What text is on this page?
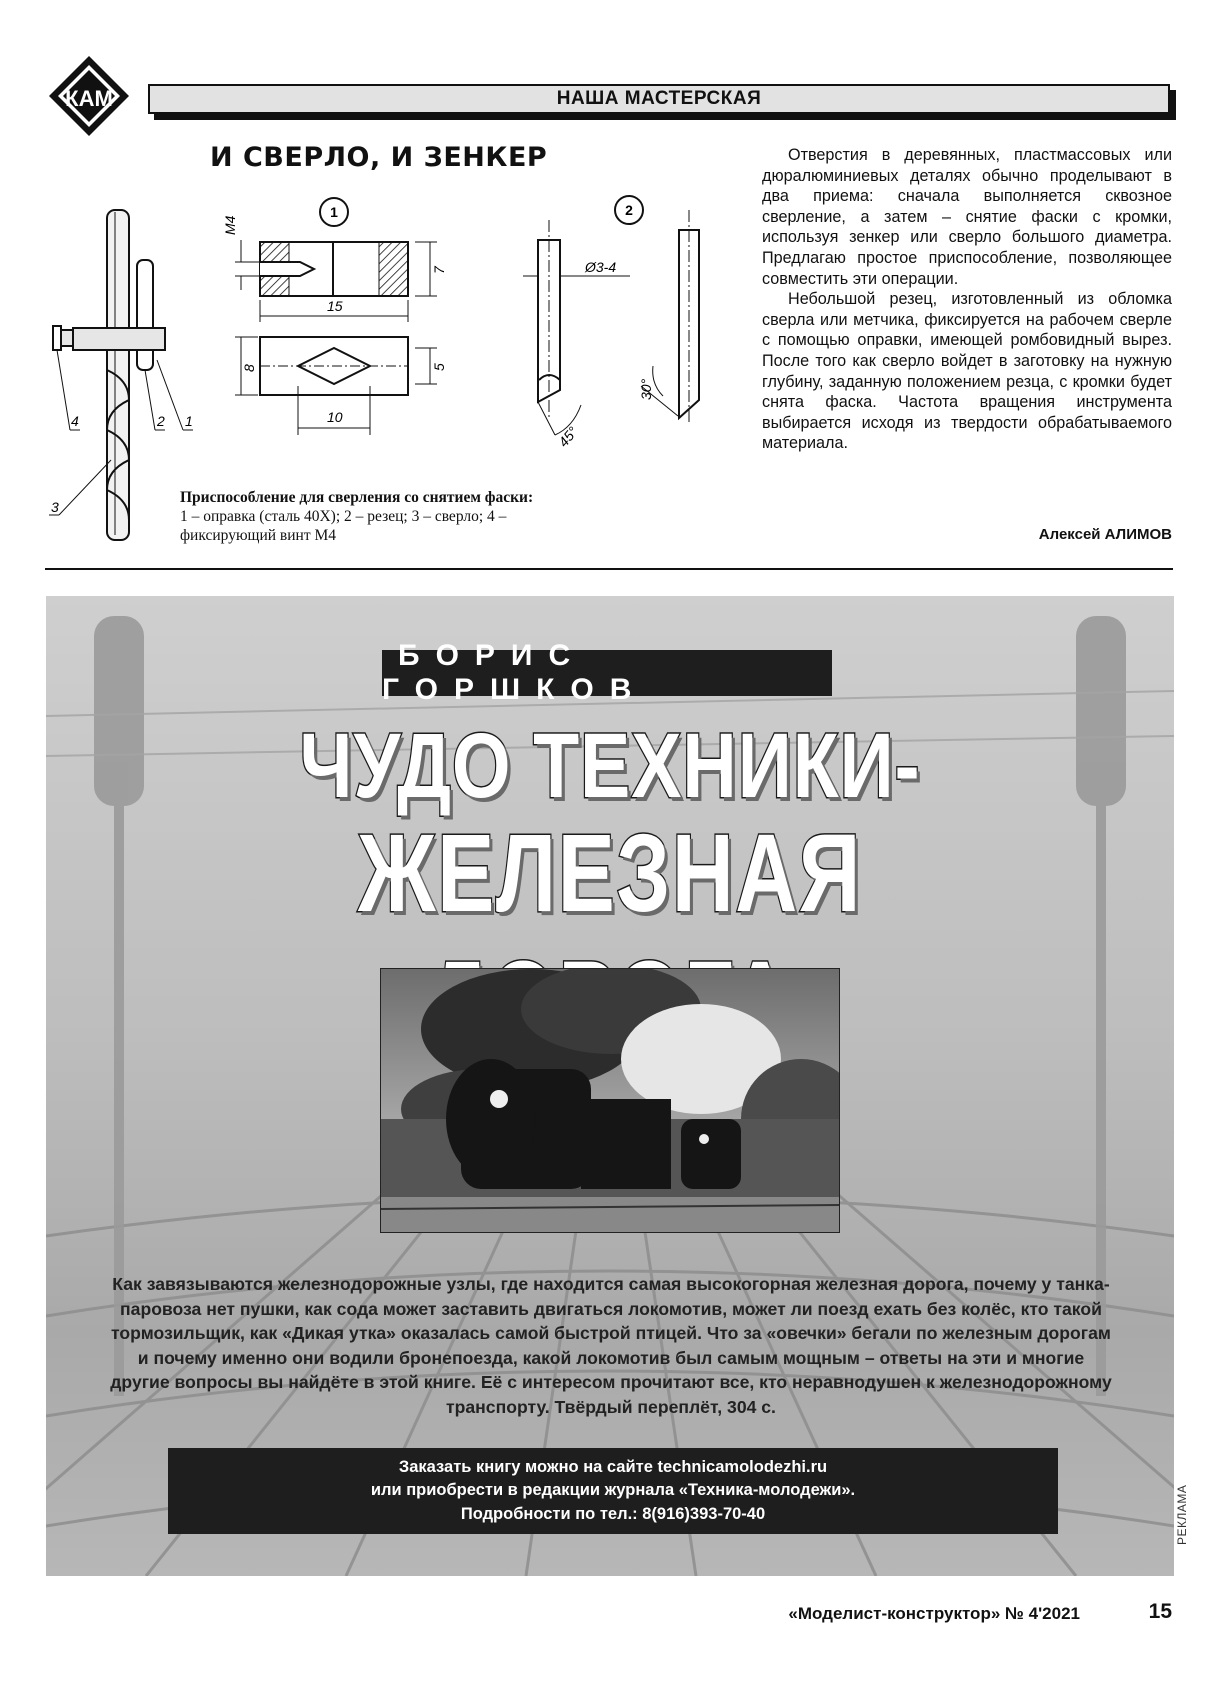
КАМ	НАША МАСТЕРСКАЯ
И СВЕРЛО, И ЗЕНКЕР
4	2 1
3
1
M4
7
15
8	5
10
2
Ø3-4
45°
30°
Приспособление для сверления со снятием фаски:
1 – оправка (сталь 40Х); 2 – резец; 3 – сверло; 4 – фиксирующий винт М4

Отверстия в деревянных, пластмассовых или дюралюминиевых деталях обычно проделывают в два приема: сначала выполняется сквозное сверление, а затем – снятие фаски с кромки, используя зенкер или сверло большого диаметра. Предлагаю простое приспособление, позволяющее совместить эти операции.

Небольшой резец, изготовленный из обломка сверла или метчика, фиксируется на рабочем сверле с помощью оправки, имеющей ромбовидный вырез. После того как сверло войдет в заготовку на нужную глубину, заданную положением резца, с кромки будет снята фаска. Частота вращения инструмента выбирается исходя из твердости обрабатываемого материала.

Алексей АЛИМОВ
БОРИС ГОРШКОВ
ЧУДО ТЕХНИКИ-
ЖЕЛЕЗНАЯ
Как завязываются железнодорожные узлы, где находится самая высокогорная железная дорога, почему у танка-паровоза нет пушки, как сода может заставить двигаться локомотив, может ли поезд ехать без колёс, кто такой тормозильщик, как «Дикая утка» оказалась самой быстрой птицей. Что за «овечки» бегали по железным дорогам и почему именно они водили бронепоезда, какой локомотив был самым мощным – ответы на эти и многие другие вопросы вы найдёте в этой книге. Её с интересом прочитают все, кто неравнодушен к железнодорожному транспорту. Твёрдый переплёт, 304 с.
Заказать книгу можно на сайте technicamolodezhi.ru
или приобрести в редакции журнала «Техника-молодежи».
Подробности по тел.: 8(916)393-70-40	РЕКЛАМА
«Моделист-конструктор» № 4'2021	15
